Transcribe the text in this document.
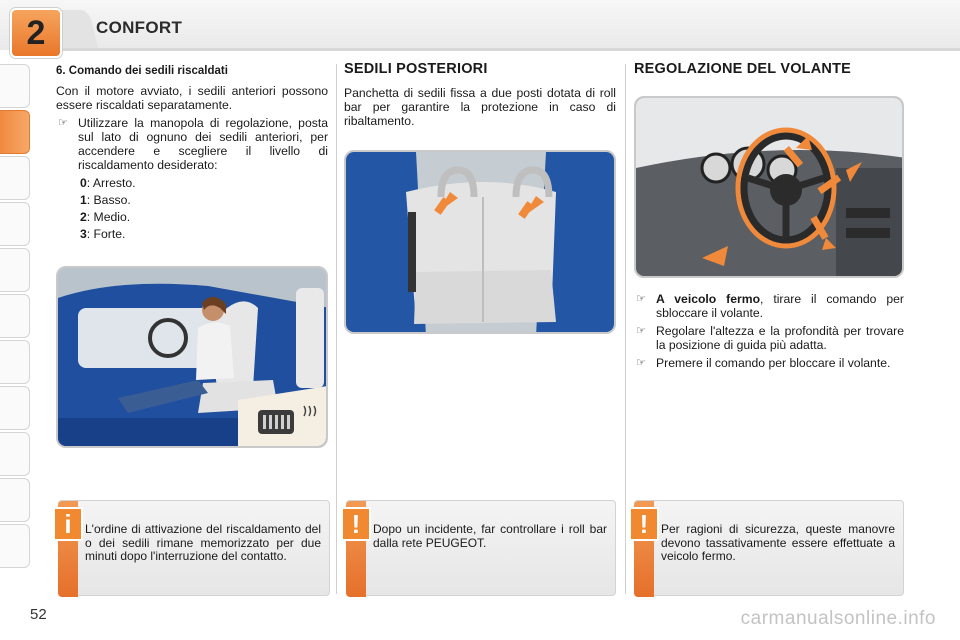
2	CONFORT
6. Comando dei sedili riscaldati

Con il motore avviato, i sedili anteriori possono essere riscaldati separatamente.

☞ Utilizzare la manopola di regolazione, posta sul lato di ognuno dei sedili anteriori, per accendere e scegliere il livello di riscaldamento desiderato:
0: Arresto.
1: Basso.
2: Medio.
3: Forte.
SEDILI POSTERIORI

Panchetta di sedili fissa a due posti dotata di roll bar per garantire la protezione in caso di ribaltamento.

REGOLAZIONE DEL VOLANTE
☞ A veicolo fermo, tirare il comando per sbloccare il volante.
☞ Regolare l'altezza e la profondità per trovare la posizione di guida più adatta.
☞ Premere il comando per bloccare il volante.
i	L'ordine di attivazione del riscaldamento del o dei sedili rimane memorizzato per due minuti dopo l'interruzione del contatto.
!	Dopo un incidente, far controllare i roll bar dalla rete PEUGEOT.
!	Per ragioni di sicurezza, queste manovre devono tassativamente essere effettuate a veicolo fermo.
52	carmanualsonline.info
